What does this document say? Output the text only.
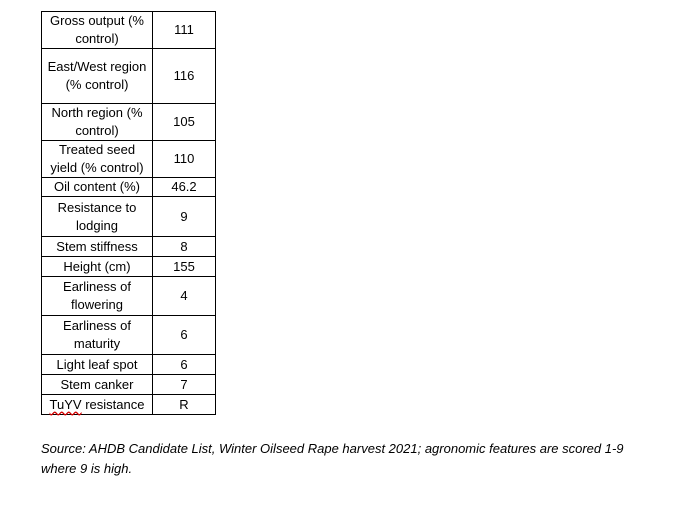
Gross output (% control)	111
East/West region (% control)	116
North region (% control)	105
Treated seed yield (% control)	110
Oil content (%)	46.2
Resistance to lodging	9
Stem stiffness	8
Height (cm)	155
Earliness of flowering	4
Earliness of maturity	6
Light leaf spot	6
Stem canker	7
TuYV resistance	R
Source: AHDB Candidate List, Winter Oilseed Rape harvest 2021; agronomic features are scored 1-9 where 9 is high.
